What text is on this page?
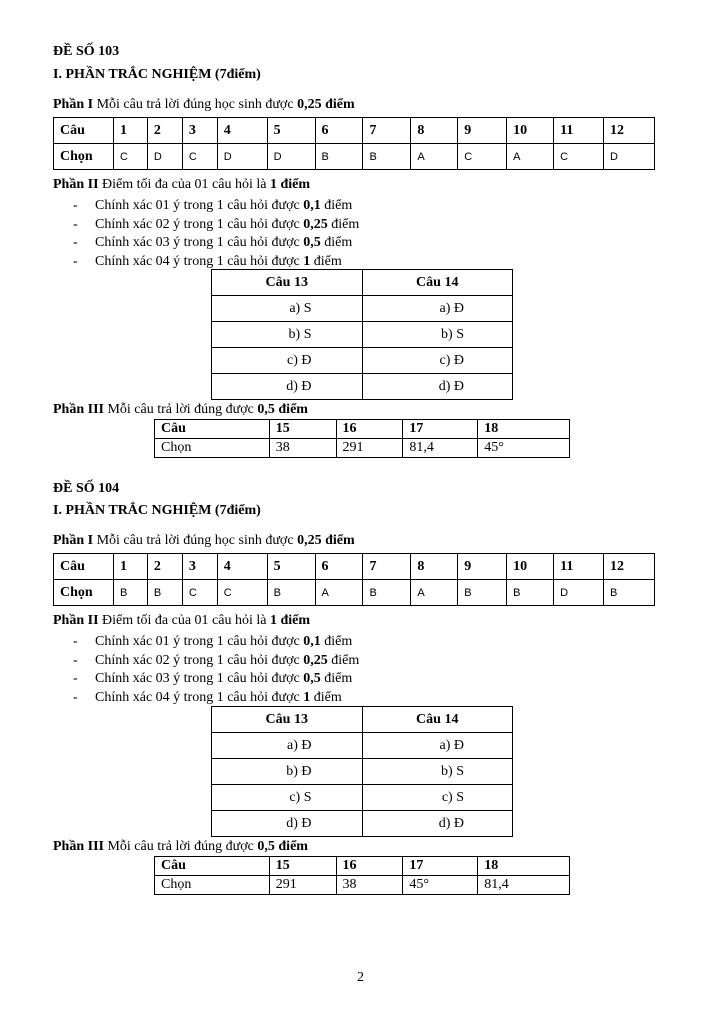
ĐỀ SỐ 103
I. PHẦN TRẮC NGHIỆM (7điểm)
Phần I Mỗi câu trả lời đúng học sinh được 0,25 điểm
Câu	1	2	3	4	5	6	7	8	9	10	11	12
Chọn	C	D	C	D	D	B	B	A	C	A	C	D
Phần II Điểm tối đa của 01 câu hỏi là 1 điểm
- Chính xác 01 ý trong 1 câu hỏi được 0,1 điểm
- Chính xác 02 ý trong 1 câu hỏi được 0,25 điểm
- Chính xác 03 ý trong 1 câu hỏi được 0,5 điểm
- Chính xác 04 ý trong 1 câu hỏi được 1 điểm
Câu 13	Câu 14
a) S	a) Đ
b) S	b) S
c) Đ	c) Đ
d) Đ	d) Đ
Phần III Mỗi câu trả lời đúng được 0,5 điểm
Câu	15	16	17	18
Chọn	38	291	81,4	45°
ĐỀ SỐ 104
I. PHẦN TRẮC NGHIỆM (7điểm)
Phần I Mỗi câu trả lời đúng học sinh được 0,25 điểm
Câu	1	2	3	4	5	6	7	8	9	10	11	12
Chọn	B	B	C	C	B	A	B	A	B	B	D	B
Phần II Điểm tối đa của 01 câu hỏi là 1 điểm
- Chính xác 01 ý trong 1 câu hỏi được 0,1 điểm
- Chính xác 02 ý trong 1 câu hỏi được 0,25 điểm
- Chính xác 03 ý trong 1 câu hỏi được 0,5 điểm
- Chính xác 04 ý trong 1 câu hỏi được 1 điểm
Câu 13	Câu 14
a) Đ	a) Đ
b) Đ	b) S
c) S	c) S
d) Đ	d) Đ
Phần III Mỗi câu trả lời đúng được 0,5 điểm
Câu	15	16	17	18
Chọn	291	38	45°	81,4
2
